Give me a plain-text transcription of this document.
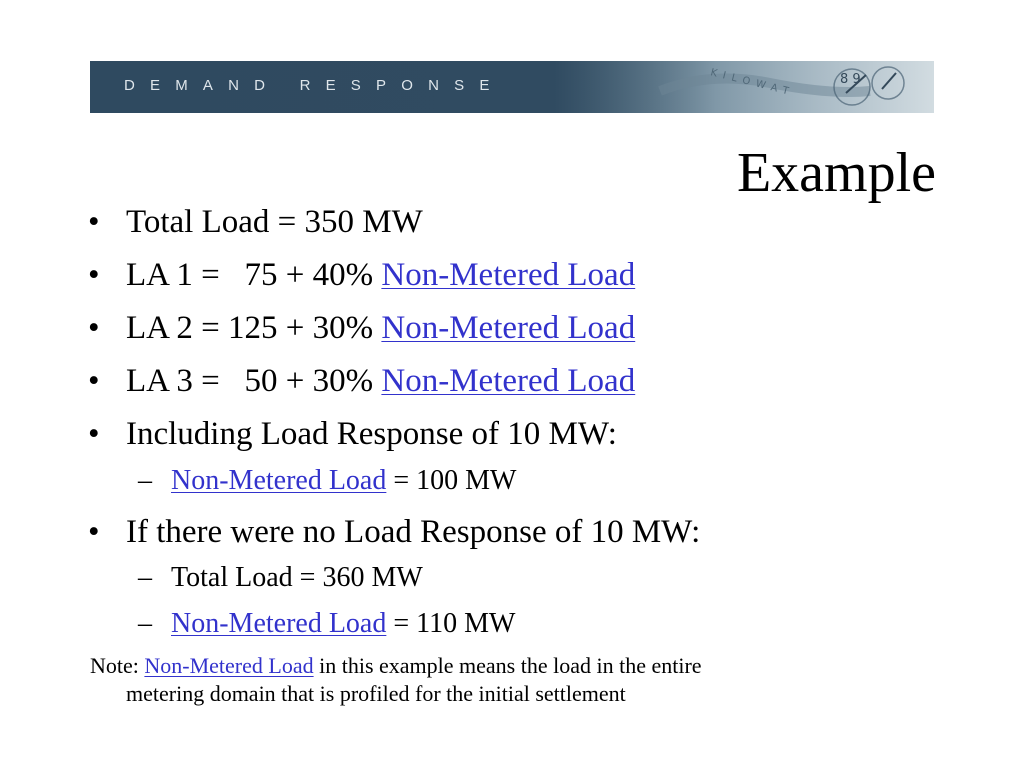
DEMAND RESPONSE	KILOWAT	8 9
Example
• Total Load = 350 MW
• LA 1 =   75 + 40% Non-Metered Load
• LA 2 = 125 + 30% Non-Metered Load
• LA 3 =   50 + 30% Non-Metered Load
• Including Load Response of 10 MW:
– Non-Metered Load = 100 MW
• If there were no Load Response of 10 MW:
– Total Load = 360 MW
– Non-Metered Load = 110 MW
Note: Non-Metered Load in this example means the load in the entire
metering domain that is profiled for the initial settlement
